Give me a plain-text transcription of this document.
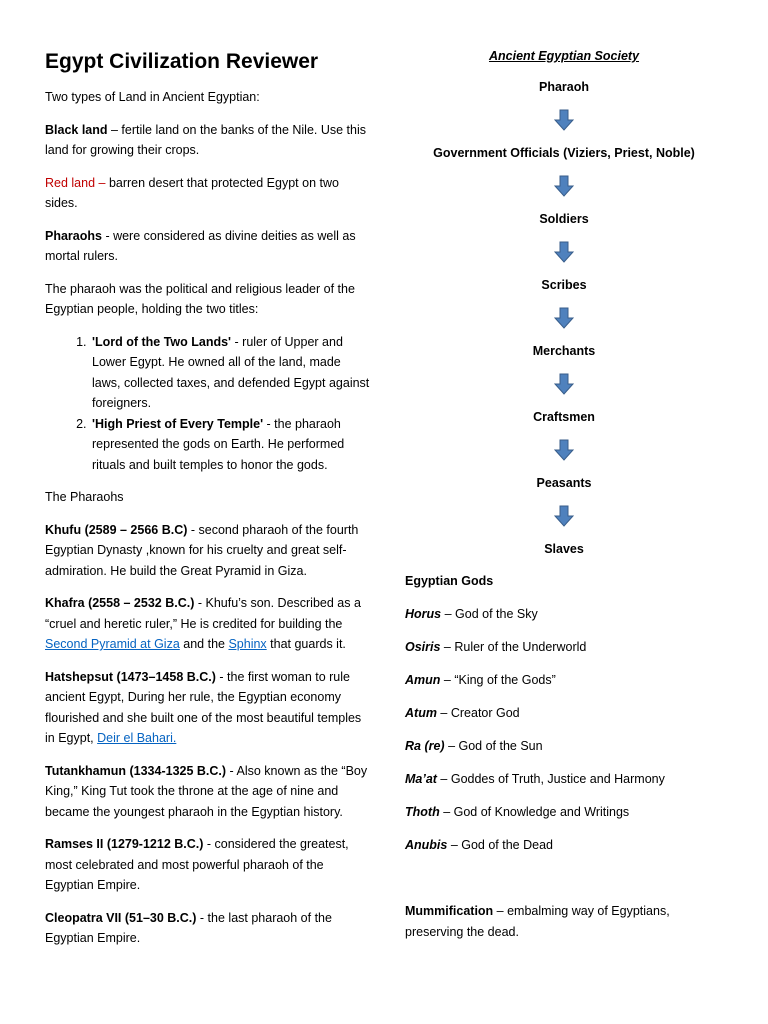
Egypt Civilization Reviewer

Two types of Land in Ancient Egyptian:

Black land – fertile land on the banks of the Nile. Use this land for growing their crops.

Red land – barren desert that protected Egypt on two sides.

Pharaohs - were considered as divine deities as well as mortal rulers.

The pharaoh was the political and religious leader of the Egyptian people, holding the two titles:

1. 'Lord of the Two Lands' - ruler of Upper and Lower Egypt. He owned all of the land, made laws, collected taxes, and defended Egypt against foreigners.
2. 'High Priest of Every Temple' - the pharaoh represented the gods on Earth. He performed rituals and built temples to honor the gods.

The Pharaohs

Khufu (2589 – 2566 B.C) - second pharaoh of the fourth Egyptian Dynasty ,known for his cruelty and great self-admiration. He build the Great Pyramid in Giza.

Khafra (2558 – 2532 B.C.) - Khufu’s son. Described as a “cruel and heretic ruler,” He is credited for building the Second Pyramid at Giza and the Sphinx that guards it.

Hatshepsut (1473–1458 B.C.) - the first woman to rule ancient Egypt, During her rule, the Egyptian economy flourished and she built one of the most beautiful temples in Egypt, Deir el Bahari.

Tutankhamun (1334-1325 B.C.) - Also known as the “Boy King,” King Tut took the throne at the age of nine and became the youngest pharaoh in the Egyptian history.

Ramses II (1279-1212 B.C.) - considered the greatest, most celebrated and most powerful pharaoh of the Egyptian Empire.

Cleopatra VII (51–30 B.C.) - the last pharaoh of the Egyptian Empire.

Ancient Egyptian Society
Pharaoh
Government Officials (Viziers, Priest, Noble)
Soldiers
Scribes
Merchants
Craftsmen
Peasants
Slaves
Egyptian Gods
Horus – God of the Sky
Osiris – Ruler of the Underworld
Amun – “King of the Gods”
Atum – Creator God
Ra (re) – God of the Sun
Ma’at – Goddes of Truth, Justice and Harmony
Thoth – God of Knowledge and Writings
Anubis – God of the Dead
Mummification – embalming way of Egyptians, preserving the dead.
